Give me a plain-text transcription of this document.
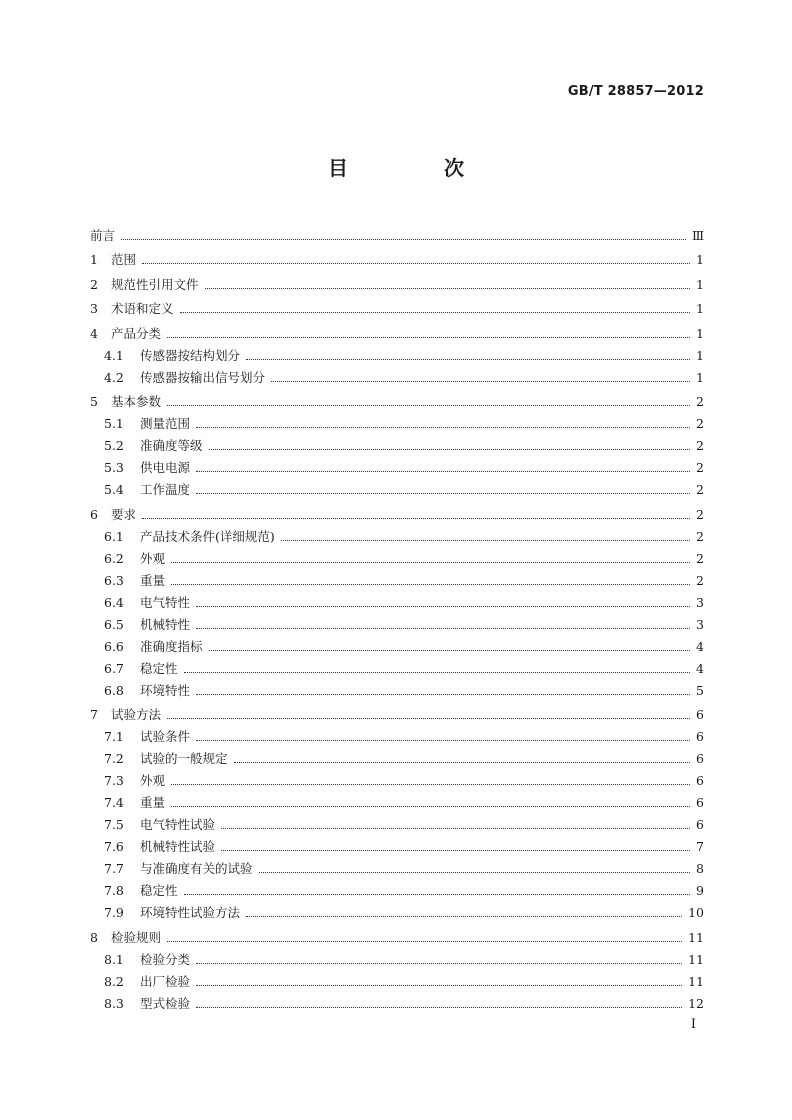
GB/T 28857—2012
目　次
前言	Ⅲ
1	范围	1
2	规范性引用文件	1
3	术语和定义	1
4	产品分类	1
4.1	传感器按结构划分	1
4.2	传感器按输出信号划分	1
5	基本参数	2
5.1	测量范围	2
5.2	准确度等级	2
5.3	供电电源	2
5.4	工作温度	2
6	要求	2
6.1	产品技术条件(详细规范)	2
6.2	外观	2
6.3	重量	2
6.4	电气特性	3
6.5	机械特性	3
6.6	准确度指标	4
6.7	稳定性	4
6.8	环境特性	5
7	试验方法	6
7.1	试验条件	6
7.2	试验的一般规定	6
7.3	外观	6
7.4	重量	6
7.5	电气特性试验	6
7.6	机械特性试验	7
7.7	与准确度有关的试验	8
7.8	稳定性	9
7.9	环境特性试验方法	10
8	检验规则	11
8.1	检验分类	11
8.2	出厂检验	11
8.3	型式检验	12
I
